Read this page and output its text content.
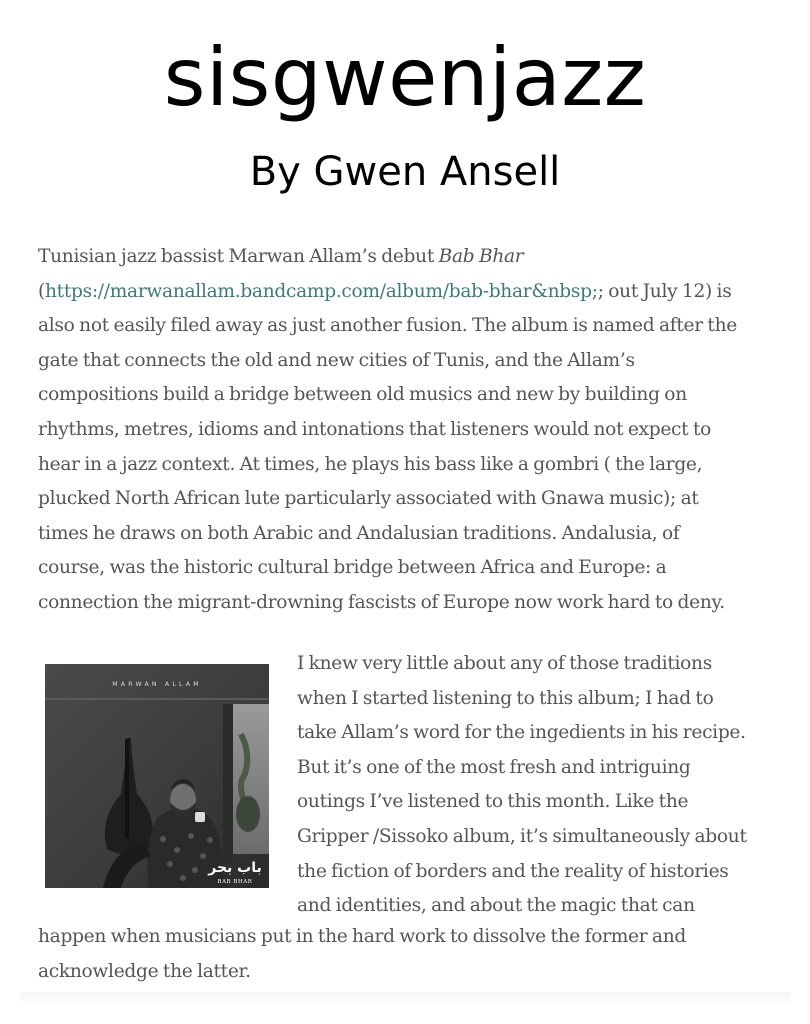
sisgwenjazz
By Gwen Ansell
Tunisian jazz bassist Marwan Allam’s debut Bab Bhar
(https://marwanallam.bandcamp.com/album/bab-bhar&nbsp;; out July 12) is
also not easily filed away as just another fusion. The album is named after the
gate that connects the old and new cities of Tunis, and the Allam’s
compositions build a bridge between old musics and new by building on
rhythms, metres, idioms and intonations that listeners would not expect to
hear in a jazz context. At times, he plays his bass like a gombri ( the large,
plucked North African lute particularly associated with Gnawa music); at
times he draws on both Arabic and Andalusian traditions. Andalusia, of
course, was the historic cultural bridge between Africa and Europe: a
connection the migrant-drowning fascists of Europe now work hard to deny.
MARWAN ALLAM
باب بحر
BAB BHAR
I knew very little about any of those traditions
when I started listening to this album; I had to
take Allam’s word for the ingedients in his recipe.
But it’s one of the most fresh and intriguing
outings I’ve listened to this month. Like the
Gripper /Sissoko album, it’s simultaneously about
the fiction of borders and the reality of histories
and identities, and about the magic that can
happen when musicians put in the hard work to dissolve the former and
acknowledge the latter.
